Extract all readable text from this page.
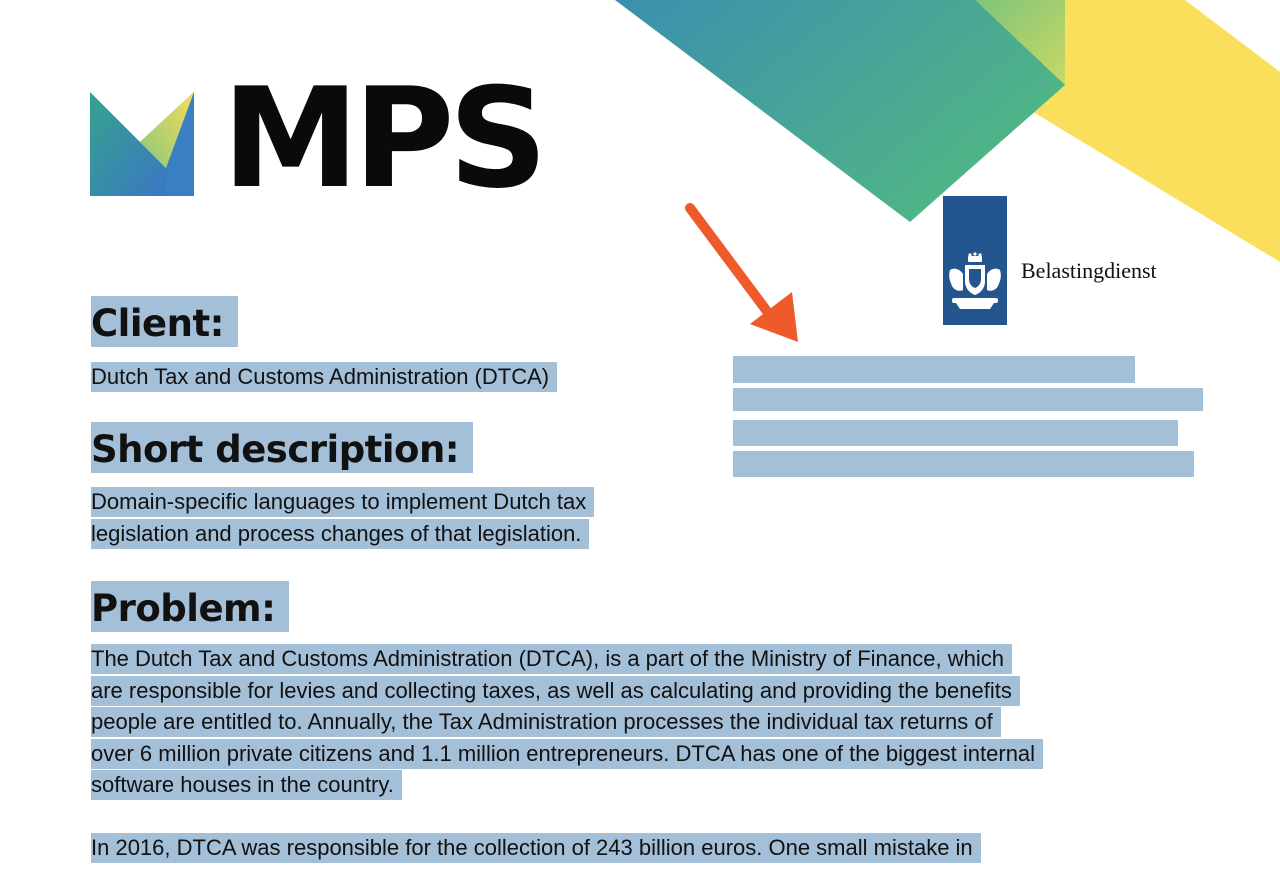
MPS
Belastingdienst
Client:

Dutch Tax and Customs Administration (DTCA)

Short description:

Domain-specific languages to implement Dutch tax
legislation and process changes of that legislation.

Problem:

The Dutch Tax and Customs Administration (DTCA), is a part of the Ministry of Finance, which
are responsible for levies and collecting taxes, as well as calculating and providing the benefits
people are entitled to. Annually, the Tax Administration processes the individual tax returns of
over 6 million private citizens and 1.1 million entrepreneurs. DTCA has one of the biggest internal
software houses in the country.

In 2016, DTCA was responsible for the collection of 243 billion euros. One small mistake in
